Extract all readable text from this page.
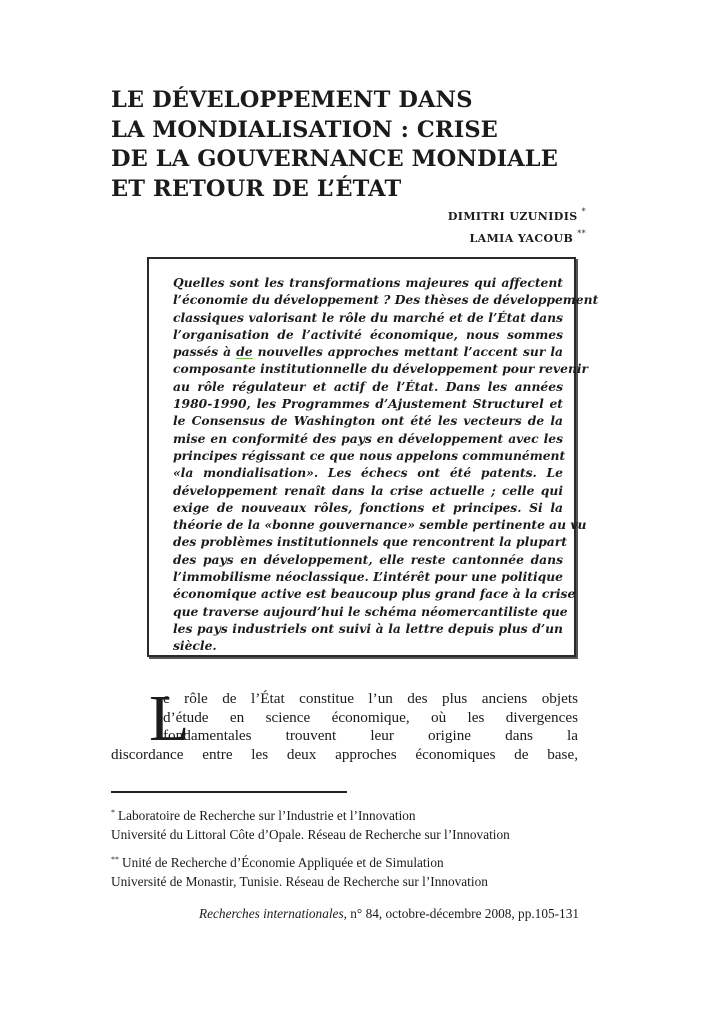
LE DÉVELOPPEMENT DANS
LA MONDIALISATION : CRISE
DE LA GOUVERNANCE MONDIALE
ET RETOUR DE L’ÉTAT
DIMITRI UZUNIDIS *
LAMIA YACOUB **
Quelles sont les transformations majeures qui affectent
l’économie du développement ? Des thèses de développement
classiques valorisant le rôle du marché et de l’État dans
l’organisation de l’activité économique, nous sommes
passés à de nouvelles approches mettant l’accent sur la
composante institutionnelle du développement pour revenir
au rôle régulateur et actif de l’État. Dans les années
1980-1990, les Programmes d’Ajustement Structurel et
le Consensus de Washington ont été les vecteurs de la
mise en conformité des pays en développement avec les
principes régissant ce que nous appelons communément
«la mondialisation». Les échecs ont été patents. Le
développement renaît dans la crise actuelle ; celle qui
exige de nouveaux rôles, fonctions et principes. Si la
théorie de la «bonne gouvernance» semble pertinente au vu
des problèmes institutionnels que rencontrent la plupart
des pays en développement, elle reste cantonnée dans
l’immobilisme néoclassique. L’intérêt pour une politique
économique active est beaucoup plus grand face à la crise
que traverse aujourd’hui le schéma néomercantiliste que
les pays industriels ont suivi à la lettre depuis plus d’un
siècle.
L
e rôle de l’État constitue l’un des plus anciens objets
d’étude en science économique, où les divergences
fondamentales trouvent leur origine dans la
discordance entre les deux approches économiques de base,
* Laboratoire de Recherche sur l’Industrie et l’Innovation
Université du Littoral Côte d’Opale. Réseau de Recherche sur l’Innovation
** Unité de Recherche d’Économie Appliquée et de Simulation
Université de Monastir, Tunisie. Réseau de Recherche sur l’Innovation
Recherches internationales, n° 84, octobre-décembre 2008, pp.105-131
